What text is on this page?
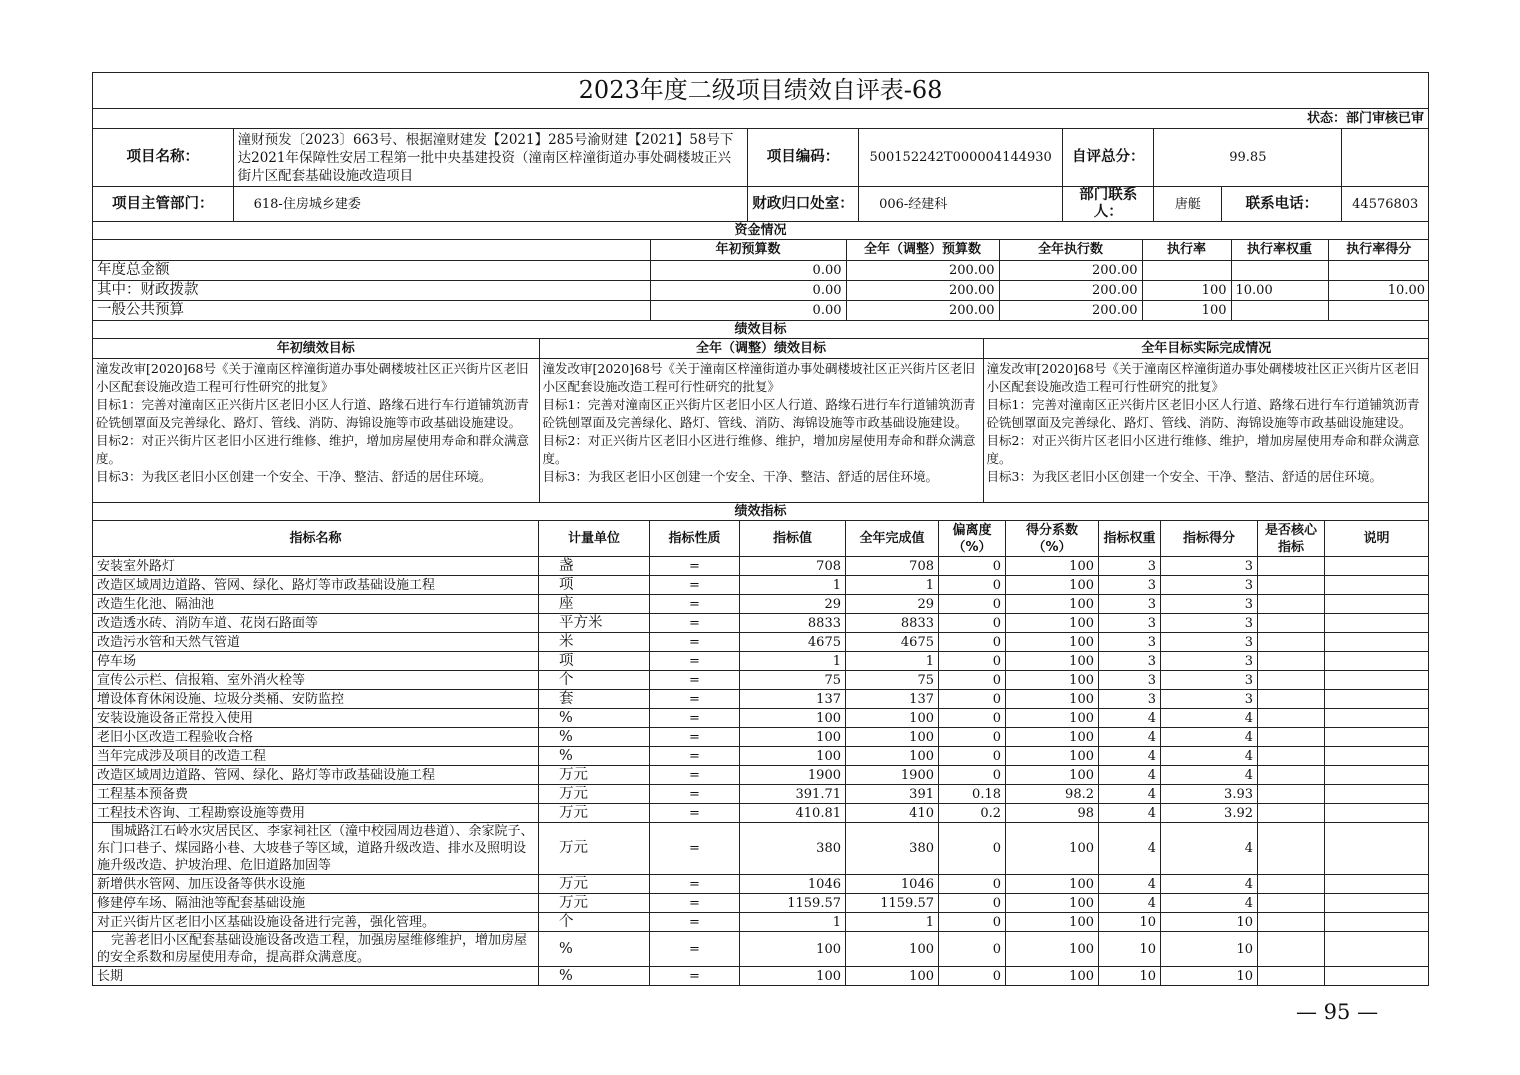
2023年度二级项目绩效自评表-68
状态：部门审核已审

项目名称：	潼财预发〔2023〕663号、根据潼财建发【2021】285号渝财建【2021】58号下达2021年保障性安居工程第一批中央基建投资（潼南区梓潼街道办事处碉楼坡正兴街片区配套基础设施改造项目	项目编码：	500152242T000004144930	自评总分：	99.85	

项目主管部门：	618-住房城乡建委	财政归口处室：	006-经建科	部门联系人：	唐艇	联系电话：	44576803

资金情况

	年初预算数	全年（调整）预算数	全年执行数	执行率	执行率权重	执行率得分
年度总金额	0.00	200.00	200.00			
其中：财政拨款	0.00	200.00	200.00	100	10.00	10.00
一般公共预算	0.00	200.00	200.00	100		

绩效目标

年初绩效目标	全年（调整）绩效目标	全年目标实际完成情况
潼发改审[2020]68号《关于潼南区梓潼街道办事处碉楼坡社区正兴街片区老旧小区配套设施改造工程可行性研究的批复》
目标1：完善对潼南区正兴街片区老旧小区人行道、路缘石进行车行道铺筑沥青砼铣刨罩面及完善绿化、路灯、管线、消防、海锦设施等市政基础设施建设。
目标2：对正兴街片区老旧小区进行维修、维护，增加房屋使用寿命和群众满意度。
目标3：为我区老旧小区创建一个安全、干净、整洁、舒适的居住环境。	潼发改审[2020]68号《关于潼南区梓潼街道办事处碉楼坡社区正兴街片区老旧小区配套设施改造工程可行性研究的批复》
目标1：完善对潼南区正兴街片区老旧小区人行道、路缘石进行车行道铺筑沥青砼铣刨罩面及完善绿化、路灯、管线、消防、海锦设施等市政基础设施建设。
目标2：对正兴街片区老旧小区进行维修、维护，增加房屋使用寿命和群众满意度。
目标3：为我区老旧小区创建一个安全、干净、整洁、舒适的居住环境。	潼发改审[2020]68号《关于潼南区梓潼街道办事处碉楼坡社区正兴街片区老旧小区配套设施改造工程可行性研究的批复》
目标1：完善对潼南区正兴街片区老旧小区人行道、路缘石进行车行道铺筑沥青砼铣刨罩面及完善绿化、路灯、管线、消防、海锦设施等市政基础设施建设。
目标2：对正兴街片区老旧小区进行维修、维护，增加房屋使用寿命和群众满意度。
目标3：为我区老旧小区创建一个安全、干净、整洁、舒适的居住环境。

绩效指标
指标名称	计量单位	指标性质	指标值	全年完成值	偏离度（%）	得分系数（%）	指标权重	指标得分	是否核心指标	说明
安装室外路灯	盏	=	708	708	0	100	3	3		
改造区域周边道路、管网、绿化、路灯等市政基础设施工程	项	=	1	1	0	100	3	3		
改造生化池、隔油池	座	=	29	29	0	100	3	3		
改造透水砖、消防车道、花岗石路面等	平方米	=	8833	8833	0	100	3	3		
改造污水管和天然气管道	米	=	4675	4675	0	100	3	3		
停车场	项	=	1	1	0	100	3	3		
宣传公示栏、信报箱、室外消火栓等	个	=	75	75	0	100	3	3		
增设体育休闲设施、垃圾分类桶、安防监控	套	=	137	137	0	100	3	3		
安装设施设备正常投入使用	%	=	100	100	0	100	4	4		
老旧小区改造工程验收合格	%	=	100	100	0	100	4	4		
当年完成涉及项目的改造工程	%	=	100	100	0	100	4	4		
改造区域周边道路、管网、绿化、路灯等市政基础设施工程	万元	=	1900	1900	0	100	4	4		
工程基本预备费	万元	=	391.71	391	0.18	98.2	4	3.93		
工程技术咨询、工程勘察设施等费用	万元	=	410.81	410	0.2	98	4	3.92		
围城路江石岭水灾居民区、李家祠社区（潼中校园周边巷道）、余家院子、东门口巷子、煤园路小巷、大坡巷子等区域，道路升级改造、排水及照明设施升级改造、护坡治理、危旧道路加固等	万元	=	380	380	0	100	4	4		
新增供水管网、加压设备等供水设施	万元	=	1046	1046	0	100	4	4		
修建停车场、隔油池等配套基础设施	万元	=	1159.57	1159.57	0	100	4	4		
对正兴街片区老旧小区基础设施设备进行完善，强化管理。	个	=	1	1	0	100	10	10		
完善老旧小区配套基础设施设备改造工程，加强房屋维修维护，增加房屋的安全系数和房屋使用寿命，提高群众满意度。	%	=	100	100	0	100	10	10		
长期	%	=	100	100	0	100	10	10		
— 95 —
